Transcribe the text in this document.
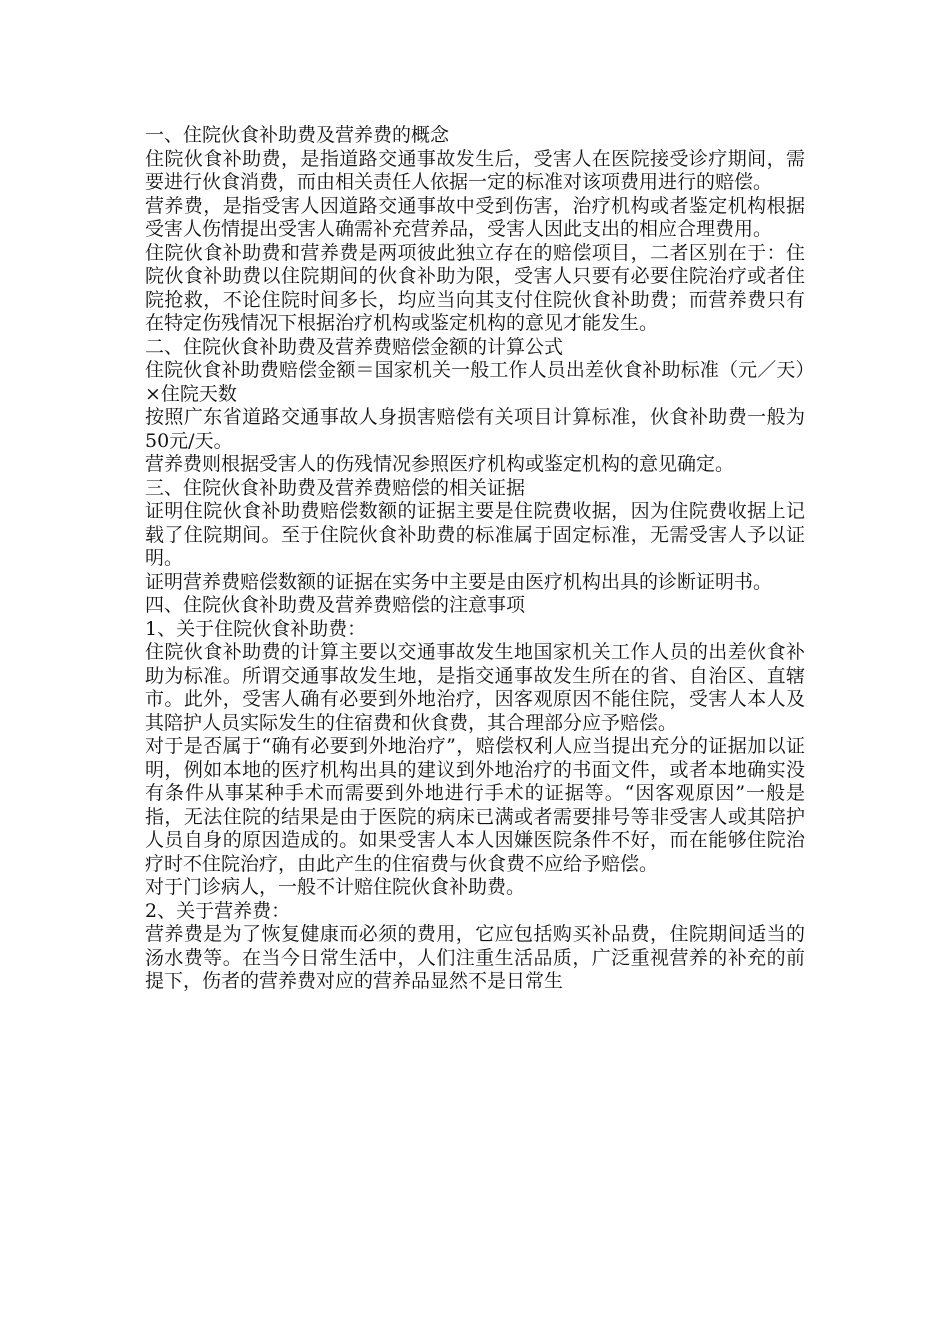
一、住院伙食补助费及营养费的概念

住院伙食补助费，是指道路交通事故发生后，受害人在医院接受诊疗期间，需要进行伙食消费，而由相关责任人依据一定的标准对该项费用进行的赔偿。

营养费，是指受害人因道路交通事故中受到伤害，治疗机构或者鉴定机构根据受害人伤情提出受害人确需补充营养品，受害人因此支出的相应合理费用。

住院伙食补助费和营养费是两项彼此独立存在的赔偿项目，二者区别在于：住院伙食补助费以住院期间的伙食补助为限，受害人只要有必要住院治疗或者住院抢救，不论住院时间多长，均应当向其支付住院伙食补助费；而营养费只有在特定伤残情况下根据治疗机构或鉴定机构的意见才能发生。

二、住院伙食补助费及营养费赔偿金额的计算公式

住院伙食补助费赔偿金额＝国家机关一般工作人员出差伙食补助标准（元／天）×住院天数

按照广东省道路交通事故人身损害赔偿有关项目计算标准，伙食补助费一般为50元/天。

营养费则根据受害人的伤残情况参照医疗机构或鉴定机构的意见确定。

三、住院伙食补助费及营养费赔偿的相关证据

证明住院伙食补助费赔偿数额的证据主要是住院费收据，因为住院费收据上记载了住院期间。至于住院伙食补助费的标准属于固定标准，无需受害人予以证明。

证明营养费赔偿数额的证据在实务中主要是由医疗机构出具的诊断证明书。

四、住院伙食补助费及营养费赔偿的注意事项

1、关于住院伙食补助费：

住院伙食补助费的计算主要以交通事故发生地国家机关工作人员的出差伙食补助为标准。所谓交通事故发生地，是指交通事故发生所在的省、自治区、直辖市。此外，受害人确有必要到外地治疗，因客观原因不能住院，受害人本人及其陪护人员实际发生的住宿费和伙食费，其合理部分应予赔偿。

对于是否属于“确有必要到外地治疗”，赔偿权利人应当提出充分的证据加以证明，例如本地的医疗机构出具的建议到外地治疗的书面文件，或者本地确实没有条件从事某种手术而需要到外地进行手术的证据等。“因客观原因”一般是指，无法住院的结果是由于医院的病床已满或者需要排号等非受害人或其陪护人员自身的原因造成的。如果受害人本人因嫌医院条件不好，而在能够住院治疗时不住院治疗，由此产生的住宿费与伙食费不应给予赔偿。

对于门诊病人，一般不计赔住院伙食补助费。

2、关于营养费：

营养费是为了恢复健康而必须的费用，它应包括购买补品费，住院期间适当的汤水费等。在当今日常生活中，人们注重生活品质，广泛重视营养的补充的前提下，伤者的营养费对应的营养品显然不是日常生
